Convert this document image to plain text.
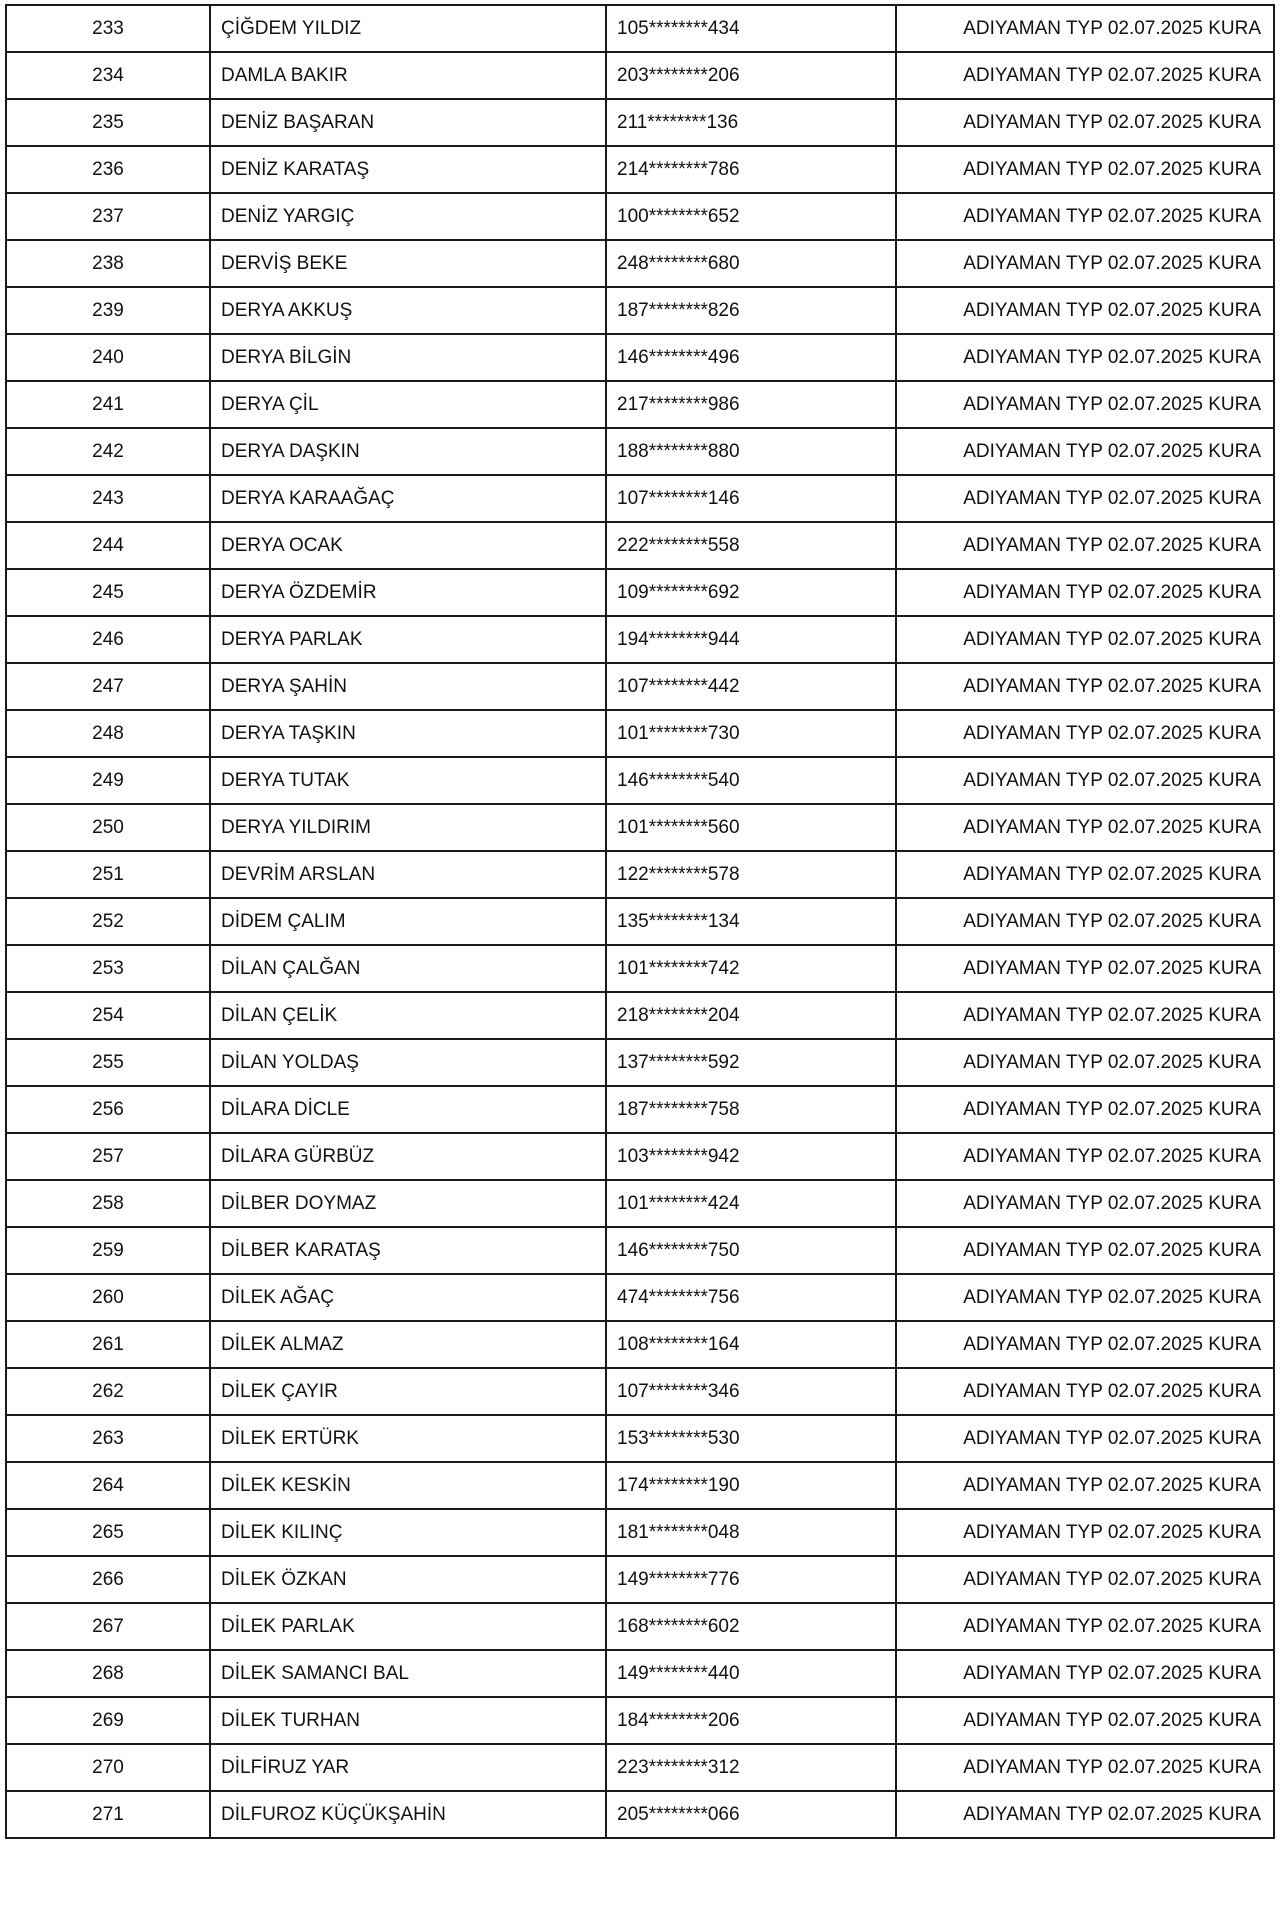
233	ÇİĞDEM YILDIZ	105********434	ADIYAMAN TYP 02.07.2025 KURA
234	DAMLA BAKIR	203********206	ADIYAMAN TYP 02.07.2025 KURA
235	DENİZ BAŞARAN	211********136	ADIYAMAN TYP 02.07.2025 KURA
236	DENİZ KARATAŞ	214********786	ADIYAMAN TYP 02.07.2025 KURA
237	DENİZ YARGIÇ	100********652	ADIYAMAN TYP 02.07.2025 KURA
238	DERVİŞ BEKE	248********680	ADIYAMAN TYP 02.07.2025 KURA
239	DERYA AKKUŞ	187********826	ADIYAMAN TYP 02.07.2025 KURA
240	DERYA BİLGİN	146********496	ADIYAMAN TYP 02.07.2025 KURA
241	DERYA ÇİL	217********986	ADIYAMAN TYP 02.07.2025 KURA
242	DERYA DAŞKIN	188********880	ADIYAMAN TYP 02.07.2025 KURA
243	DERYA KARAAĞAÇ	107********146	ADIYAMAN TYP 02.07.2025 KURA
244	DERYA OCAK	222********558	ADIYAMAN TYP 02.07.2025 KURA
245	DERYA ÖZDEMİR	109********692	ADIYAMAN TYP 02.07.2025 KURA
246	DERYA PARLAK	194********944	ADIYAMAN TYP 02.07.2025 KURA
247	DERYA ŞAHİN	107********442	ADIYAMAN TYP 02.07.2025 KURA
248	DERYA TAŞKIN	101********730	ADIYAMAN TYP 02.07.2025 KURA
249	DERYA TUTAK	146********540	ADIYAMAN TYP 02.07.2025 KURA
250	DERYA YILDIRIM	101********560	ADIYAMAN TYP 02.07.2025 KURA
251	DEVRİM ARSLAN	122********578	ADIYAMAN TYP 02.07.2025 KURA
252	DİDEM ÇALIM	135********134	ADIYAMAN TYP 02.07.2025 KURA
253	DİLAN ÇALĞAN	101********742	ADIYAMAN TYP 02.07.2025 KURA
254	DİLAN ÇELİK	218********204	ADIYAMAN TYP 02.07.2025 KURA
255	DİLAN YOLDAŞ	137********592	ADIYAMAN TYP 02.07.2025 KURA
256	DİLARA DİCLE	187********758	ADIYAMAN TYP 02.07.2025 KURA
257	DİLARA GÜRBÜZ	103********942	ADIYAMAN TYP 02.07.2025 KURA
258	DİLBER DOYMAZ	101********424	ADIYAMAN TYP 02.07.2025 KURA
259	DİLBER KARATAŞ	146********750	ADIYAMAN TYP 02.07.2025 KURA
260	DİLEK AĞAÇ	474********756	ADIYAMAN TYP 02.07.2025 KURA
261	DİLEK ALMAZ	108********164	ADIYAMAN TYP 02.07.2025 KURA
262	DİLEK ÇAYIR	107********346	ADIYAMAN TYP 02.07.2025 KURA
263	DİLEK ERTÜRK	153********530	ADIYAMAN TYP 02.07.2025 KURA
264	DİLEK KESKİN	174********190	ADIYAMAN TYP 02.07.2025 KURA
265	DİLEK KILINÇ	181********048	ADIYAMAN TYP 02.07.2025 KURA
266	DİLEK ÖZKAN	149********776	ADIYAMAN TYP 02.07.2025 KURA
267	DİLEK PARLAK	168********602	ADIYAMAN TYP 02.07.2025 KURA
268	DİLEK SAMANCI BAL	149********440	ADIYAMAN TYP 02.07.2025 KURA
269	DİLEK TURHAN	184********206	ADIYAMAN TYP 02.07.2025 KURA
270	DİLFİRUZ YAR	223********312	ADIYAMAN TYP 02.07.2025 KURA
271	DİLFUROZ KÜÇÜKŞAHİN	205********066	ADIYAMAN TYP 02.07.2025 KURA
